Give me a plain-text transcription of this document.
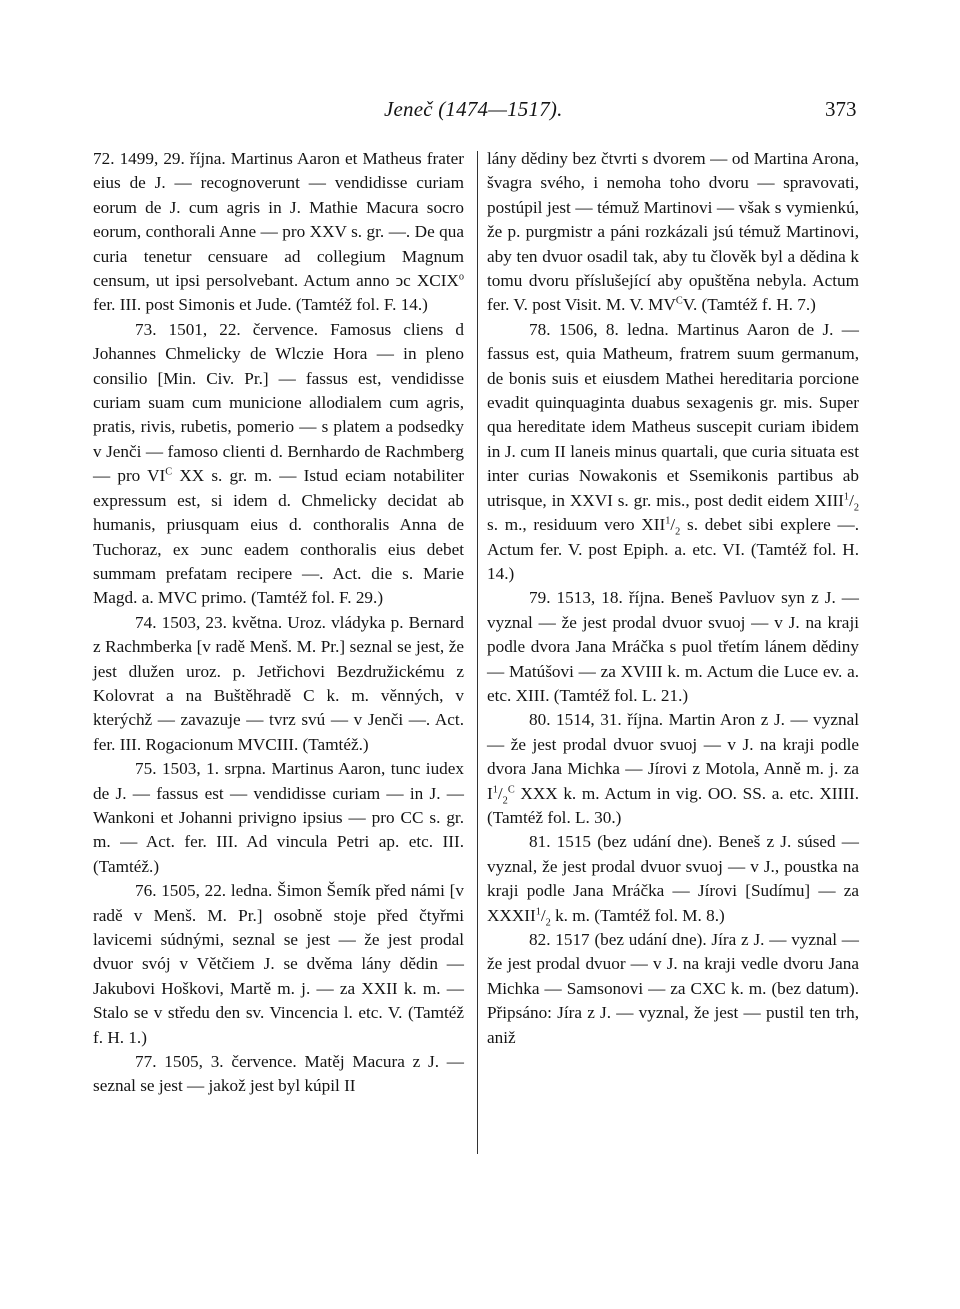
Jeneč (1474—1517).	373

72. 1499, 29. října. Martinus Aaron et Matheus frater eius de J. — recognoverunt — vendidisse curiam eorum de J. cum agris in J. Mathie Macura socro eorum, conthorali Anne — pro XXV s. gr. —. De qua curia tenetur censuare ad collegium Magnum censum, ut ipsi persolvebant. Actum anno ↄc XCIX$^o$ fer. III. post Simonis et Jude. (Tamtéž fol. F. 14.)

73. 1501, 22. července. Famosus cliens d Johannes Chmelicky de Wlczie Hora — in pleno consilio [Min. Civ. Pr.] — fassus est, vendidisse curiam suam cum municione allodialem cum agris, pratis, rivis, rubetis, pomerio — s platem a podsedky v Jenči — famoso clienti d. Bernhardo de Rachmberg — pro $VI^C$ XX s. gr. m. — Istud eciam notabiliter expressum est, si idem d. Chmelicky decidat ab humanis, priusquam eius d. conthoralis Anna de Tuchoraz, ex ↄunc eadem conthoralis eius debet summam prefatam recipere —. Act. die s. Marie Magd. a. MVC primo. (Tamtéž fol. F. 29.)

74. 1503, 23. května. Uroz. vládyka p. Bernard z Rachmberka [v radě Menš. M. Pr.] seznal se jest, že jest dlužen uroz. p. Jetřichovi Bezdružickému z Kolovrat a na Buštěhradě C k. m. věnných, v kterýchž — zavazuje — tvrz svú — v Jenči —. Act. fer. III. Rogacionum MVCIII. (Tamtéž.)

75. 1503, 1. srpna. Martinus Aaron, tunc iudex de J. — fassus est — vendidisse curiam — in J. — Wankoni et Johanni privigno ipsius — pro CC s. gr. m. — Act. fer. III. Ad vincula Petri ap. etc. III. (Tamtéž.)

76. 1505, 22. ledna. Šimon Šemík před námi [v radě v Menš. M. Pr.] osobně stoje před čtyřmi lavicemi súdnými, seznal se jest — že jest prodal dvuor svój v Větčiem J. se dvěma lány dědin — Jakubovi Hoškovi, Martě m. j. — za XXII k. m. — Stalo se v středu den sv. Vincencia l. etc. V. (Tamtéž f. H. 1.)

77. 1505, 3. července. Matěj Macura z J. — seznal se jest — jakož jest byl kúpil II

lány dědiny bez čtvrti s dvorem — od Martina Arona, švagra svého, i nemoha toho dvoru — spravovati, postúpil jest — témuž Martinovi — však s vymienkú, že p. purgmistr a páni rozkázali jsú témuž Martinovi, aby ten dvuor osadil tak, aby tu člověk byl a dědina k tomu dvoru příslušející aby opuštěna nebyla. Actum fer. V. post Visit. M. V. $MV^CV$. (Tamtéž f. H. 7.)

78. 1506, 8. ledna. Martinus Aaron de J. — fassus est, quia Matheum, fratrem suum germanum, de bonis suis et eiusdem Mathei hereditaria porcione evadit quinquaginta duabus sexagenis gr. mis. Super qua hereditate idem Matheus suscepit curiam ibidem in J. cum II laneis minus quartali, que curia situata est inter curias Nowakonis et Ssemikonis partibus ab utrisque, in XXVI s. gr. mis., post dedit eidem $XIII^1/_2$ s. m., residuum vero $XII^1/_2$ s. debet sibi explere —. Actum fer. V. post Epiph. a. etc. VI. (Tamtéž fol. H. 14.)

79. 1513, 18. října. Beneš Pavluov syn z J. — vyznal — že jest prodal dvuor svuoj — v J. na kraji podle dvora Jana Mráčka s puol třetím lánem dědiny — Matúšovi — za XVIII k. m. Actum die Luce ev. a. etc. XIII. (Tamtéž fol. L. 21.)

80. 1514, 31. října. Martin Aron z J. — vyznal — že jest prodal dvuor svuoj — v J. na kraji podle dvora Jana Michka — Jírovi z Motola, Anně m. j. za $I^1/_2^C$ XXX k. m. Actum in vig. OO. SS. a. etc. XIIII. (Tamtéž fol. L. 30.)

81. 1515 (bez udání dne). Beneš z J. súsed — vyznal, že jest prodal dvuor svuoj — v J., poustka na kraji podle Jana Mráčka — Jírovi [Sudímu] — za $XXXII^1/_2$ k. m. (Tamtéž fol. M. 8.)

82. 1517 (bez udání dne). Jíra z J. — vyznal — že jest prodal dvuor — v J. na kraji vedle dvoru Jana Michka — Samsonovi — za CXC k. m. (bez datum). Připsáno: Jíra z J. — vyznal, že jest — pustil ten trh, aniž
